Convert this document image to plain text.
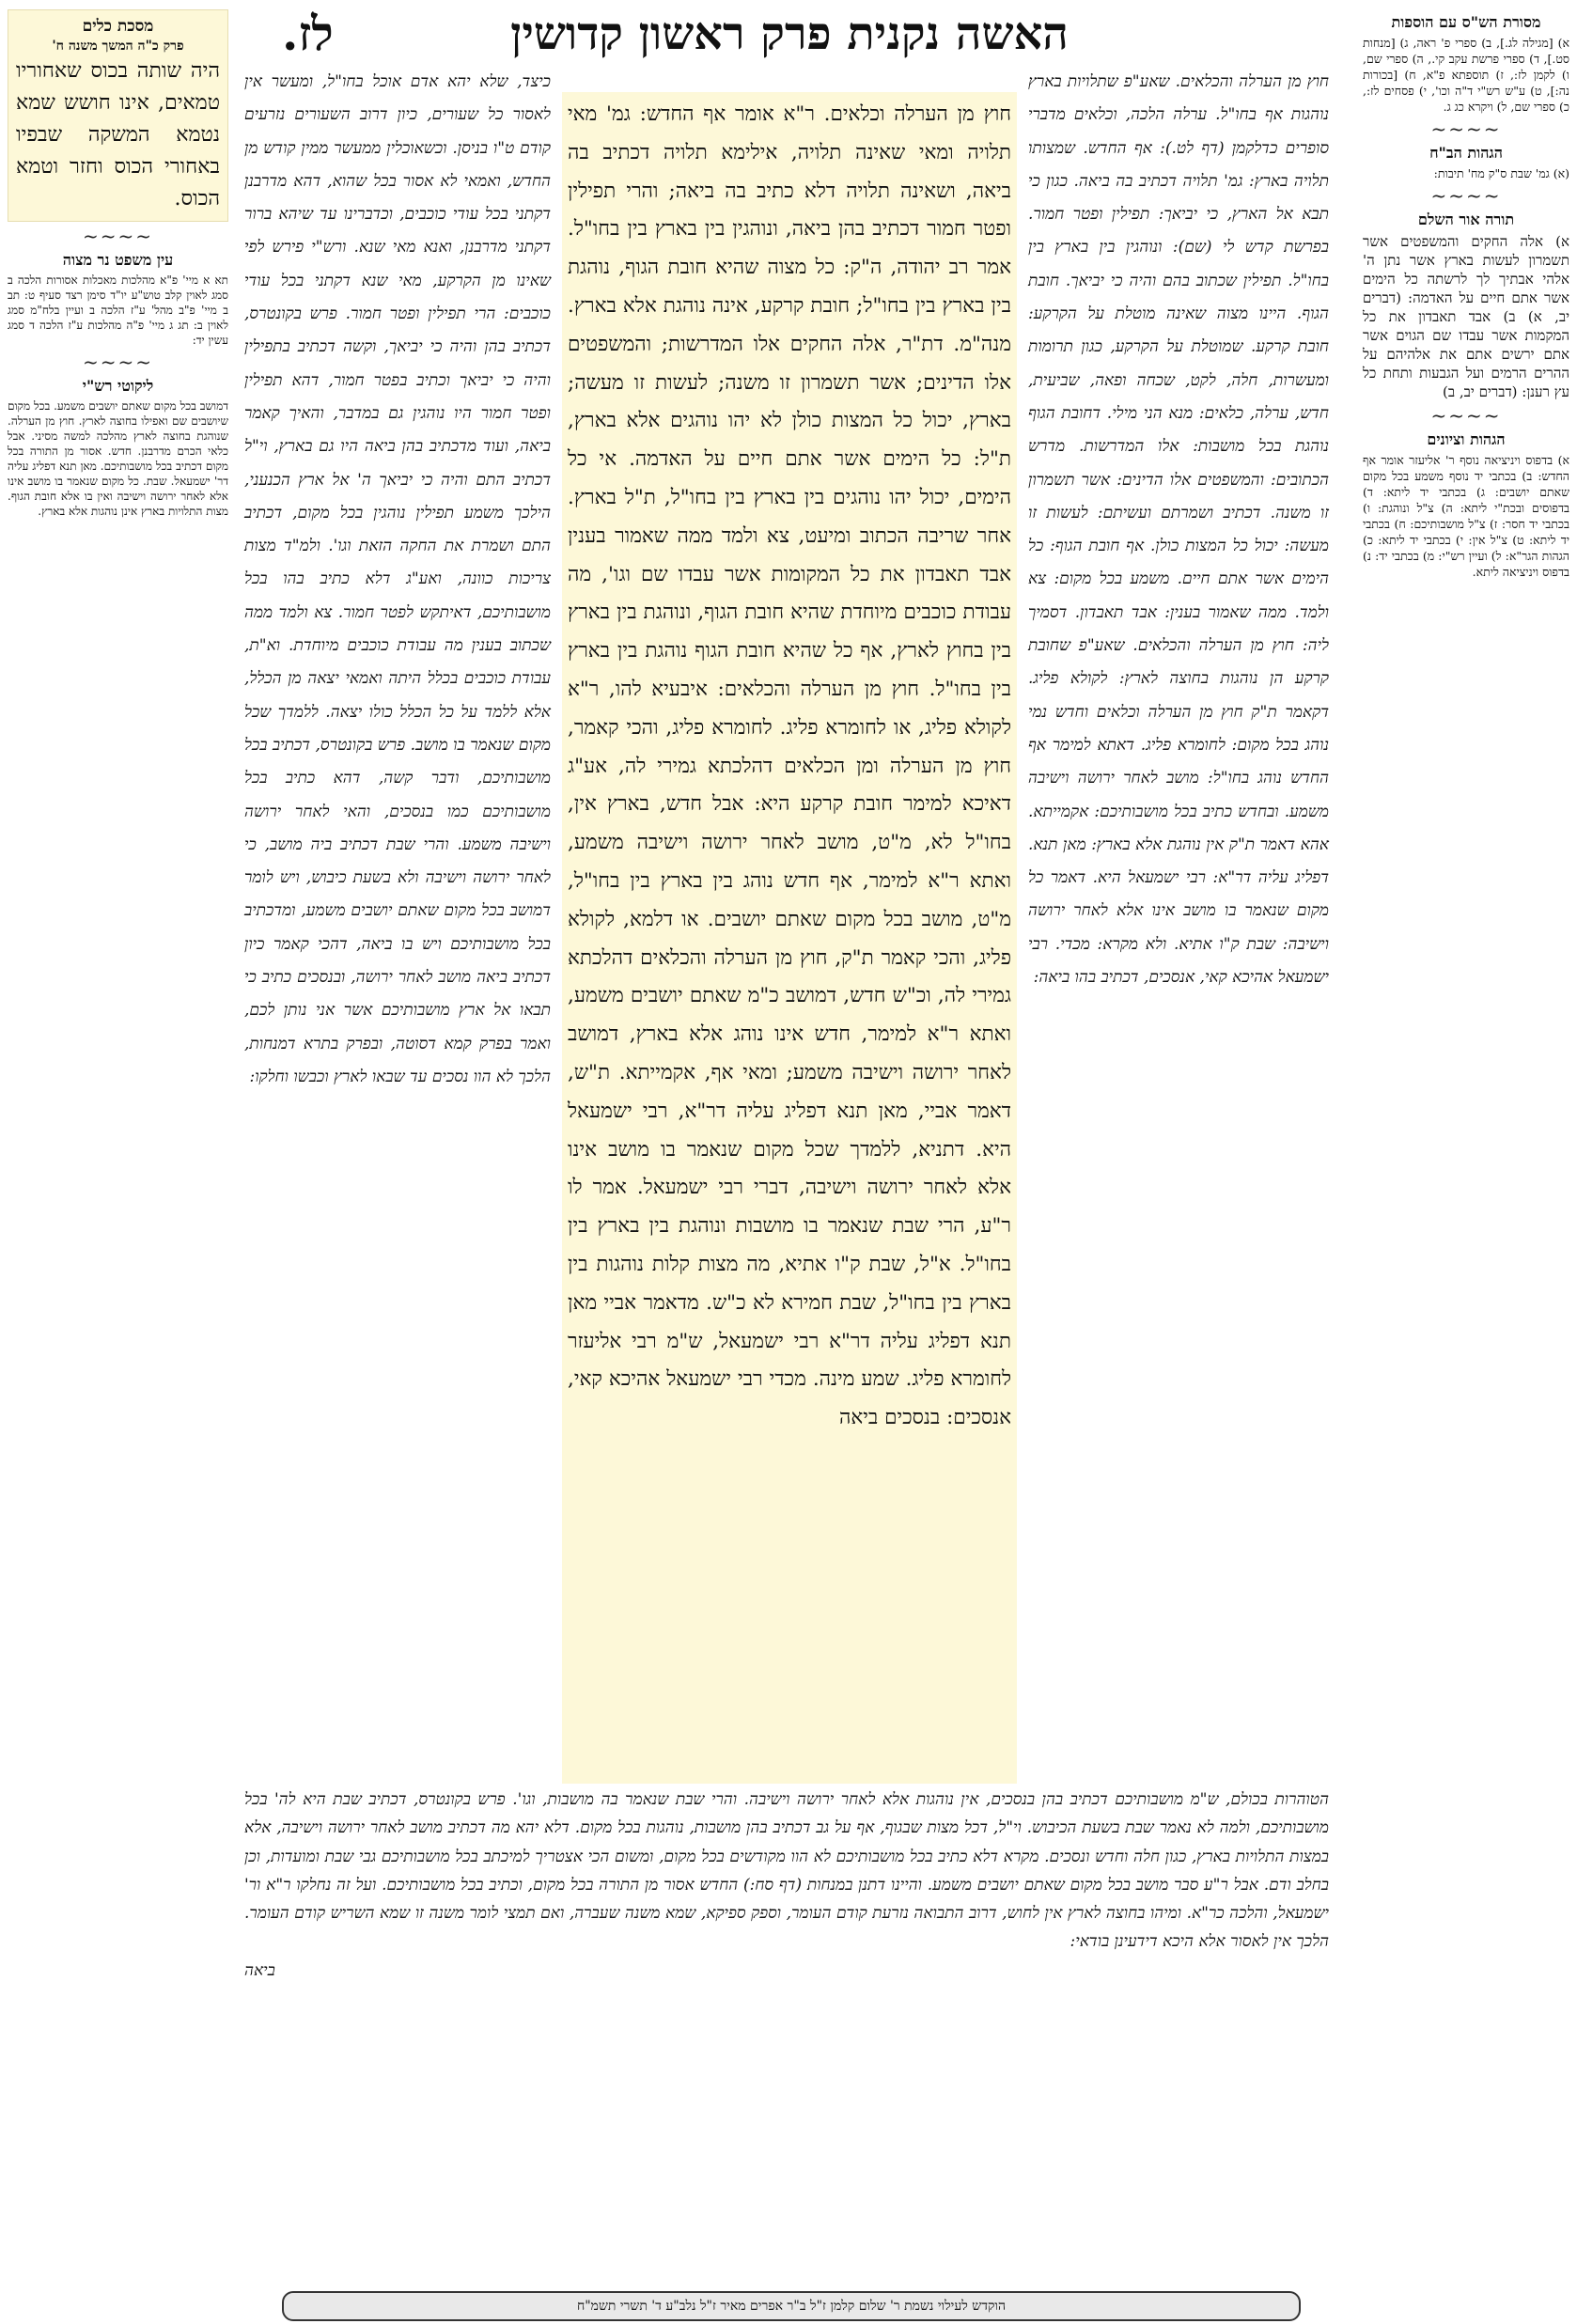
לז.	האשה נקנית פרק ראשון קדושין	מסורת הש"ס עם הוספות
א) [מגילה לג.], ב) ספרי פ' ראה, ג) [מנחות סט.], ד) ספרי פרשת עקב קי., ה) ספרי שם, ו) לקמן לז:, ז) תוספתא פ"א, ח) [בכורות נה:], ט) ע"ש רש"י ד"ה וכו', י) פסחים לז:, כ) ספרי שם, ל) ויקרא כג ג.
~~~~
הגהות הב"ח
(א) גמ' שבת ס"ק מח' תיבות:
~~~~
תורה אור השלם
א) אלה החקים והמשפטים אשר תשמרון לעשות בארץ אשר נתן ה' אלהי אבתיך לך לרשתה כל הימים אשר אתם חיים על האדמה: (דברים יב, א) ב) אבד תאבדון את כל המקמות אשר עבדו שם הגוים אשר אתם ירשים אתם את אלהיהם על ההרים הרמים ועל הגבעות ותחת כל עץ רענן: (דברים יב, ב)
~~~~
הגהות וציונים
א) בדפוס ויניציאה נוסף ר' אליעזר אומר אף החדש: ב) בכתבי יד נוסף משמע בכל מקום שאתם יושבים: ג) בכתבי יד ליתא: ד) בדפוסים ובכת"י ליתא: ה) צ"ל ונוהגת: ו) בכתבי יד חסר: ז) צ"ל מושבותיכם: ח) בכתבי יד ליתא: ט) צ"ל אין: י) בכתבי יד ליתא: כ) הגהות הגר"א: ל) ועיין רש"י: מ) בכתבי יד: נ) בדפוס ויניציאה ליתא.
מסכת כלים
פרק כ"ה המשך משנה ח'
היה שותה בכוס שאחוריו טמאים, אינו חושש שמא נטמא המשקה שבפיו באחורי הכוס וחזר וטמא הכוס.
~~~~
עין משפט נר מצוה
תא א מיי' פ"א מהלכות מאכלות אסורות הלכה ב סמג לאוין קלב טוש"ע יו"ד סימן רצד סעיף ט: תב ב מיי' פ"ב מהל' ע"ז הלכה ב ועיין בלח"מ סמג לאוין ב: תג ג מיי' פ"ה מהלכות ע"ז הלכה ד סמג עשין יד:
~~~~
ליקוטי רש"י
דמושב בכל מקום שאתם יושבים משמע. בכל מקום שיושבים שם ואפילו בחוצה לארץ. חוץ מן הערלה. שנוהגת בחוצה לארץ מהלכה למשה מסיני. אבל כלאי הכרם מדרבנן. חדש. אסור מן התורה בכל מקום דכתיב בכל מושבותיכם. מאן תנא דפליג עליה דר' ישמעאל. שבת. כל מקום שנאמר בו מושב אינו אלא לאחר ירושה וישיבה ואין בו אלא חובת הגוף. מצות התלויות בארץ אינן נוהגות אלא בארץ.
חוץ מן הערלה והכלאים. שאע"פ שתלויות בארץ נוהגות אף בחו"ל. ערלה הלכה, וכלאים מדברי סופרים כדלקמן (דף לט.): אף החדש. שמצותו תלויה בארץ: גמ' תלויה דכתיב בה ביאה. כגון כי תבא אל הארץ, כי יביאך: תפילין ופטר חמור. בפרשת קדש לי (שם): ונוהגין בין בארץ בין בחו"ל. תפילין שכתוב בהם והיה כי יביאך. חובת הגוף. היינו מצוה שאינה מוטלת על הקרקע: חובת קרקע. שמוטלת על הקרקע, כגון תרומות ומעשרות, חלה, לקט, שכחה ופאה, שביעית, חדש, ערלה, כלאים: מנא הני מילי. דחובת הגוף נוהגת בכל מושבות: אלו המדרשות. מדרש הכתובים: והמשפטים אלו הדינים: אשר תשמרון זו משנה. דכתיב ושמרתם ועשיתם: לעשות זו מעשה: יכול כל המצות כולן. אף חובת הגוף: כל הימים אשר אתם חיים. משמע בכל מקום: צא ולמד. ממה שאמור בענין: אבד תאבדון. דסמיך ליה: חוץ מן הערלה והכלאים. שאע"פ שחובת קרקע הן נוהגות בחוצה לארץ: לקולא פליג. דקאמר ת"ק חוץ מן הערלה וכלאים וחדש נמי נוהג בכל מקום: לחומרא פליג. דאתא למימר אף החדש נוהג בחו"ל: מושב לאחר ירושה וישיבה משמע. ובחדש כתיב בכל מושבותיכם: אקמייתא. אהא דאמר ת"ק אין נוהגת אלא בארץ: מאן תנא. דפליג עליה דר"א: רבי ישמעאל היא. דאמר כל מקום שנאמר בו מושב אינו אלא לאחר ירושה וישיבה: שבת ק"ו אתיא. ולא מקרא: מכדי. רבי ישמעאל אהיכא קאי, אנסכים, דכתיב בהו ביאה:
חוץ מן הערלה וכלאים. ר"א אומר אף החדש: גמ' מאי תלויה ומאי שאינה תלויה, אילימא תלויה דכתיב בה ביאה, ושאינה תלויה דלא כתיב בה ביאה; והרי תפילין ופטר חמור דכתיב בהן ביאה, ונוהגין בין בארץ בין בחו"ל. אמר רב יהודה, ה"ק: כל מצוה שהיא חובת הגוף, נוהגת בין בארץ בין בחו"ל; חובת קרקע, אינה נוהגת אלא בארץ. מנה"מ. דת"ר, אלה החקים אלו המדרשות; והמשפטים אלו הדינים; אשר תשמרון זו משנה; לעשות זו מעשה; בארץ, יכול כל המצות כולן לא יהו נוהגים אלא בארץ, ת"ל: כל הימים אשר אתם חיים על האדמה. אי כל הימים, יכול יהו נוהגים בין בארץ בין בחו"ל, ת"ל בארץ. אחר שריבה הכתוב ומיעט, צא ולמד ממה שאמור בענין אבד תאבדון את כל המקומות אשר עבדו שם וגו', מה עבודת כוכבים מיוחדת שהיא חובת הגוף, ונוהגת בין בארץ בין בחוץ לארץ, אף כל שהיא חובת הגוף נוהגת בין בארץ בין בחו"ל. חוץ מן הערלה והכלאים: איבעיא להו, ר"א לקולא פליג, או לחומרא פליג. לחומרא פליג, והכי קאמר, חוץ מן הערלה ומן הכלאים דהלכתא גמירי לה, אע"ג דאיכא למימר חובת קרקע היא: אבל חדש, בארץ אין, בחו"ל לא, מ"ט, מושב לאחר ירושה וישיבה משמע, ואתא ר"א למימר, אף חדש נוהג בין בארץ בין בחו"ל, מ"ט, מושב בכל מקום שאתם יושבים. או דלמא, לקולא פליג, והכי קאמר ת"ק, חוץ מן הערלה והכלאים דהלכתא גמירי לה, וכ"ש חדש, דמושב כ"מ שאתם יושבים משמע, ואתא ר"א למימר, חדש אינו נוהג אלא בארץ, דמושב לאחר ירושה וישיבה משמע; ומאי אף, אקמייתא. ת"ש, דאמר אביי, מאן תנא דפליג עליה דר"א, רבי ישמעאל היא. דתניא, ללמדך שכל מקום שנאמר בו מושב אינו אלא לאחר ירושה וישיבה, דברי רבי ישמעאל. אמר לו ר"ע, הרי שבת שנאמר בו מושבות ונוהגת בין בארץ בין בחו"ל. א"ל, שבת ק"ו אתיא, מה מצות קלות נוהגות בין בארץ בין בחו"ל, שבת חמירא לא כ"ש. מדאמר אביי מאן תנא דפליג עליה דר"א רבי ישמעאל, ש"מ רבי אליעזר לחומרא פליג. שמע מינה. מכדי רבי ישמעאל אהיכא קאי, אנסכים: בנסכים ביאה
כיצד, שלא יהא אדם אוכל בחו"ל, ומעשר אין לאסור כל שעורים, כיון דרוב השעורים נזרעים קודם ט"ו בניסן. וכשאוכלין ממעשר ממין קודש מן החדש, ואמאי לא אסור בכל שהוא, דהא מדרבנן דקתני בכל עודי כוכבים, וכדברינו עד שיהא ברור דקתני מדרבנן, ואנא מאי שנא. ורש"י פירש לפי שאינו מן הקרקע, מאי שנא דקתני בכל עודי כוכבים: הרי תפילין ופטר חמור. פרש בקונטרס, דכתיב בהן והיה כי יביאך, וקשה דכתיב בתפילין והיה כי יביאך וכתיב בפטר חמור, דהא תפילין ופטר חמור היו נוהגין גם במדבר, והאיך קאמר ביאה, ועוד מדכתיב בהן ביאה היו גם בארץ, וי"ל דכתיב התם והיה כי יביאך ה' אל ארץ הכנעני, הילכך משמע תפילין נוהגין בכל מקום, דכתיב התם ושמרת את החקה הזאת וגו'. ולמ"ד מצות צריכות כוונה, ואע"ג דלא כתיב בהו בכל מושבותיכם, דאיתקש לפטר חמור. צא ולמד ממה שכתוב בענין מה עבודת כוכבים מיוחדת. וא"ת, עבודת כוכבים בכלל היתה ואמאי יצאה מן הכלל, אלא ללמד על כל הכלל כולו יצאה. ללמדך שכל מקום שנאמר בו מושב. פרש בקונטרס, דכתיב בכל מושבותיכם, ודבר קשה, דהא כתיב בכל מושבותיכם כמו בנסכים, והאי לאחר ירושה וישיבה משמע. והרי שבת דכתיב ביה מושב, כי לאחר ירושה וישיבה ולא בשעת כיבוש, ויש לומר דמושב בכל מקום שאתם יושבים משמע, ומדכתיב בכל מושבותיכם ויש בו ביאה, דהכי קאמר כיון דכתיב ביאה מושב לאחר ירושה, ובנסכים כתיב כי תבאו אל ארץ מושבותיכם אשר אני נותן לכם, ואמר בפרק קמא דסוטה, ובפרק בתרא דמנחות, הלכך לא הוו נסכים עד שבאו לארץ וכבשו וחלקו:
הטוהרות בכולם, ש"מ מושבותיכם דכתיב בהן בנסכים, אין נוהגות אלא לאחר ירושה וישיבה. והרי שבת שנאמר בה מושבות, וגו'. פרש בקונטרס, דכתיב שבת היא לה' בכל מושבותיכם, ולמה לא נאמר שבת בשעת הכיבוש. וי"ל, דכל מצות שבגוף, אף על גב דכתיב בהן מושבות, נוהגות בכל מקום. דלא יהא מה דכתיב מושב לאחר ירושה וישיבה, אלא במצות התלויות בארץ, כגון חלה וחדש ונסכים. מקרא דלא כתיב בכל מושבותיכם לא הוו מקודשים בכל מקום, ומשום הכי אצטריך למיכתב בכל מושבותיכם גבי שבת ומועדות, וכן בחלב ודם. אבל ר"ע סבר מושב בכל מקום שאתם יושבים משמע. והיינו דתנן במנחות (דף סח:) החדש אסור מן התורה בכל מקום, וכתיב בכל מושבותיכם. ועל זה נחלקו ר"א ור' ישמעאל, והלכה כר"א. ומיהו בחוצה לארץ אין לחוש, דרוב התבואה נזרעת קודם העומר, וספק ספיקא, שמא משנה שעברה, ואם תמצי לומר משנה זו שמא השריש קודם העומר. הלכך אין לאסור אלא היכא דידעינן בודאי:
ביאה
הוקדש לעילוי נשמת ר' שלום קלמן ז"ל ב"ר אפרים מאיר ז"ל נלב"ע ד' תשרי תשמ"ח
